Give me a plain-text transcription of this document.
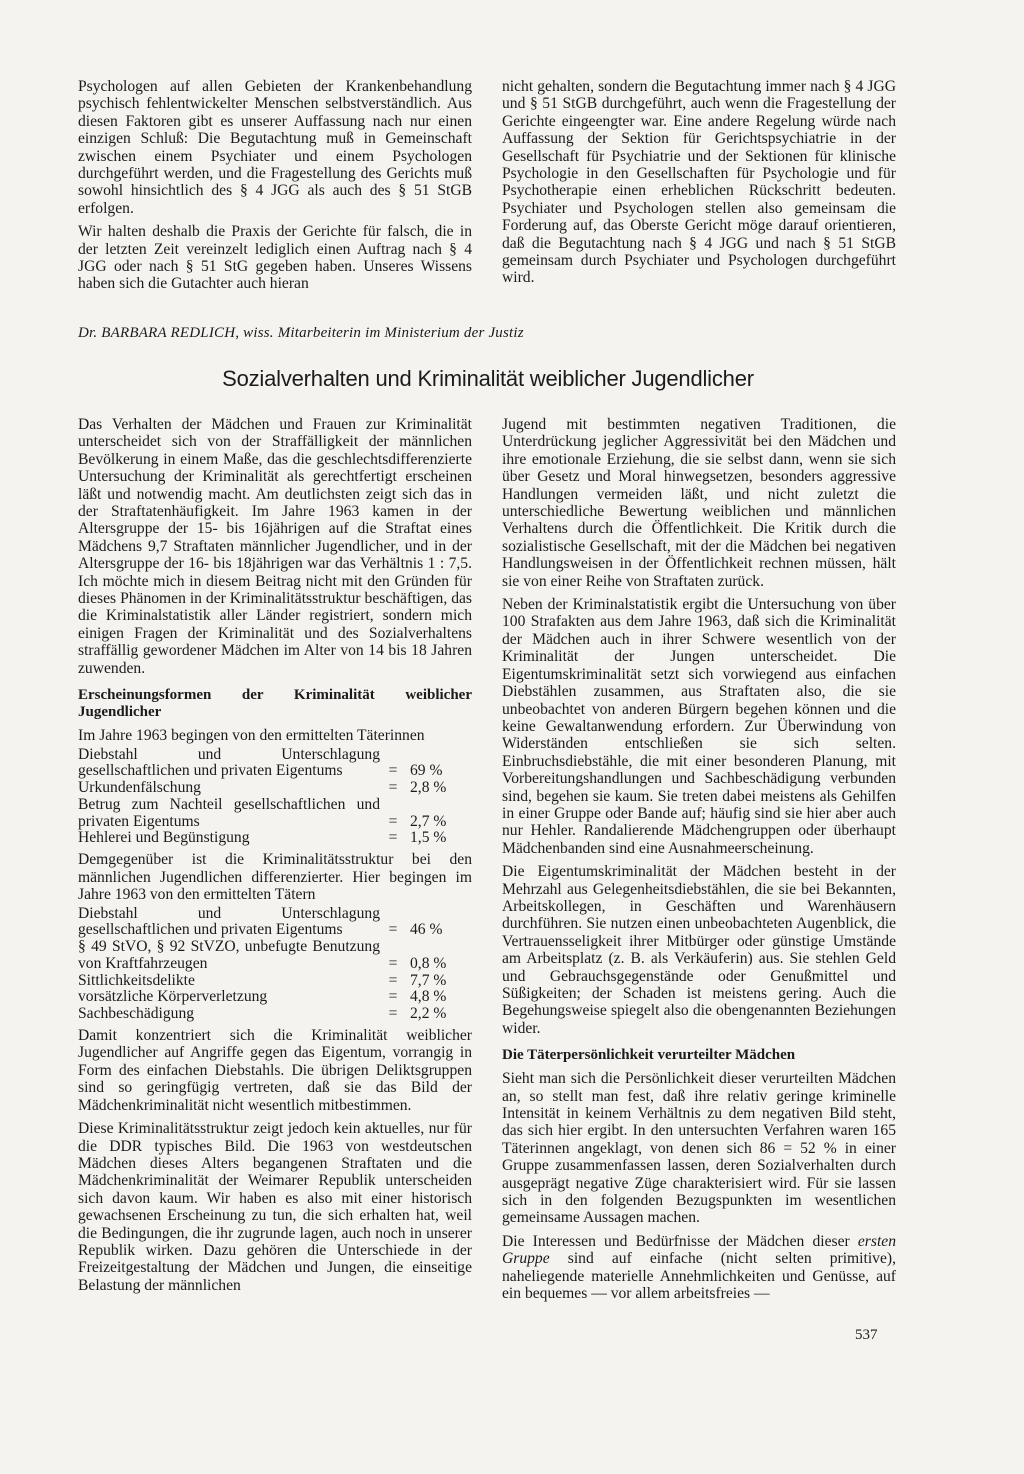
Psychologen auf allen Gebieten der Krankenbehandlung psychisch fehlentwickelter Menschen selbstverständlich. Aus diesen Faktoren gibt es unserer Auffassung nach nur einen einzigen Schluß: Die Begutachtung muß in Gemeinschaft zwischen einem Psychiater und einem Psychologen durchgeführt werden, und die Fragestellung des Gerichts muß sowohl hinsichtlich des § 4 JGG als auch des § 51 StGB erfolgen.

Wir halten deshalb die Praxis der Gerichte für falsch, die in der letzten Zeit vereinzelt lediglich einen Auftrag nach § 4 JGG oder nach § 51 StG gegeben haben. Unseres Wissens haben sich die Gutachter auch hieran

nicht gehalten, sondern die Begutachtung immer nach § 4 JGG und § 51 StGB durchgeführt, auch wenn die Fragestellung der Gerichte eingeengter war. Eine andere Regelung würde nach Auffassung der Sektion für Gerichtspsychiatrie in der Gesellschaft für Psychiatrie und der Sektionen für klinische Psychologie in den Gesellschaften für Psychologie und für Psychotherapie einen erheblichen Rückschritt bedeuten. Psychiater und Psychologen stellen also gemeinsam die Forderung auf, das Oberste Gericht möge darauf orientieren, daß die Begutachtung nach § 4 JGG und nach § 51 StGB gemeinsam durch Psychiater und Psychologen durchgeführt wird.

Dr. BARBARA REDLICH, wiss. Mitarbeiterin im Ministerium der Justiz
Sozialverhalten und Kriminalität weiblicher Jugendlicher

Das Verhalten der Mädchen und Frauen zur Kriminalität unterscheidet sich von der Straffälligkeit der männlichen Bevölkerung in einem Maße, das die geschlechtsdifferenzierte Untersuchung der Kriminalität als gerechtfertigt erscheinen läßt und notwendig macht. Am deutlichsten zeigt sich das in der Straftatenhäufigkeit. Im Jahre 1963 kamen in der Altersgruppe der 15- bis 16jährigen auf die Straftat eines Mädchens 9,7 Straftaten männlicher Jugendlicher, und in der Altersgruppe der 16- bis 18jährigen war das Verhältnis 1 : 7,5. Ich möchte mich in diesem Beitrag nicht mit den Gründen für dieses Phänomen in der Kriminalitätsstruktur beschäftigen, das die Kriminalstatistik aller Länder registriert, sondern mich einigen Fragen der Kriminalität und des Sozialverhaltens straffällig gewordener Mädchen im Alter von 14 bis 18 Jahren zuwenden.

Erscheinungsformen der Kriminalität weiblicher Jugendlicher

Im Jahre 1963 begingen von den ermittelten Täterinnen

Diebstahl und Unterschlagung gesellschaftlichen und privaten Eigentums	=	69 %
Urkundenfälschung	=	2,8 %
Betrug zum Nachteil gesellschaftlichen und privaten Eigentums	=	2,7 %
Hehlerei und Begünstigung	=	1,5 %

Demgegenüber ist die Kriminalitätsstruktur bei den männlichen Jugendlichen differenzierter. Hier begingen im Jahre 1963 von den ermittelten Tätern

Diebstahl und Unterschlagung gesellschaftlichen und privaten Eigentums	=	46 %
§ 49 StVO, § 92 StVZO, unbefugte Benutzung von Kraftfahrzeugen	=	0,8 %
Sittlichkeitsdelikte	=	7,7 %
vorsätzliche Körperverletzung	=	4,8 %
Sachbeschädigung	=	2,2 %

Damit konzentriert sich die Kriminalität weiblicher Jugendlicher auf Angriffe gegen das Eigentum, vorrangig in Form des einfachen Diebstahls. Die übrigen Deliktsgruppen sind so geringfügig vertreten, daß sie das Bild der Mädchenkriminalität nicht wesentlich mitbestimmen.

Diese Kriminalitätsstruktur zeigt jedoch kein aktuelles, nur für die DDR typisches Bild. Die 1963 von westdeutschen Mädchen dieses Alters begangenen Straftaten und die Mädchenkriminalität der Weimarer Republik unterscheiden sich davon kaum. Wir haben es also mit einer historisch gewachsenen Erscheinung zu tun, die sich erhalten hat, weil die Bedingungen, die ihr zugrunde lagen, auch noch in unserer Republik wirken. Dazu gehören die Unterschiede in der Freizeitgestaltung der Mädchen und Jungen, die einseitige Belastung der männlichen

Jugend mit bestimmten negativen Traditionen, die Unterdrückung jeglicher Aggressivität bei den Mädchen und ihre emotionale Erziehung, die sie selbst dann, wenn sie sich über Gesetz und Moral hinwegsetzen, besonders aggressive Handlungen vermeiden läßt, und nicht zuletzt die unterschiedliche Bewertung weiblichen und männlichen Verhaltens durch die Öffentlichkeit. Die Kritik durch die sozialistische Gesellschaft, mit der die Mädchen bei negativen Handlungsweisen in der Öffentlichkeit rechnen müssen, hält sie von einer Reihe von Straftaten zurück.

Neben der Kriminalstatistik ergibt die Untersuchung von über 100 Strafakten aus dem Jahre 1963, daß sich die Kriminalität der Mädchen auch in ihrer Schwere wesentlich von der Kriminalität der Jungen unterscheidet. Die Eigentumskriminalität setzt sich vorwiegend aus einfachen Diebstählen zusammen, aus Straftaten also, die sie unbeobachtet von anderen Bürgern begehen können und die keine Gewaltanwendung erfordern. Zur Überwindung von Widerständen entschließen sie sich selten. Einbruchsdiebstähle, die mit einer besonderen Planung, mit Vorbereitungshandlungen und Sachbeschädigung verbunden sind, begehen sie kaum. Sie treten dabei meistens als Gehilfen in einer Gruppe oder Bande auf; häufig sind sie hier aber auch nur Hehler. Randalierende Mädchengruppen oder überhaupt Mädchenbanden sind eine Ausnahmeerscheinung.

Die Eigentumskriminalität der Mädchen besteht in der Mehrzahl aus Gelegenheitsdiebstählen, die sie bei Bekannten, Arbeitskollegen, in Geschäften und Warenhäusern durchführen. Sie nutzen einen unbeobachteten Augenblick, die Vertrauensseligkeit ihrer Mitbürger oder günstige Umstände am Arbeitsplatz (z. B. als Verkäuferin) aus. Sie stehlen Geld und Gebrauchsgegenstände oder Genußmittel und Süßigkeiten; der Schaden ist meistens gering. Auch die Begehungsweise spiegelt also die obengenannten Beziehungen wider.

Die Täterpersönlichkeit verurteilter Mädchen

Sieht man sich die Persönlichkeit dieser verurteilten Mädchen an, so stellt man fest, daß ihre relativ geringe kriminelle Intensität in keinem Verhältnis zu dem negativen Bild steht, das sich hier ergibt. In den untersuchten Verfahren waren 165 Täterinnen angeklagt, von denen sich 86 = 52 % in einer Gruppe zusammenfassen lassen, deren Sozialverhalten durch ausgeprägt negative Züge charakterisiert wird. Für sie lassen sich in den folgenden Bezugspunkten im wesentlichen gemeinsame Aussagen machen.

Die Interessen und Bedürfnisse der Mädchen dieser ersten Gruppe sind auf einfache (nicht selten primitive), naheliegende materielle Annehmlichkeiten und Genüsse, auf ein bequemes — vor allem arbeitsfreies —

537
